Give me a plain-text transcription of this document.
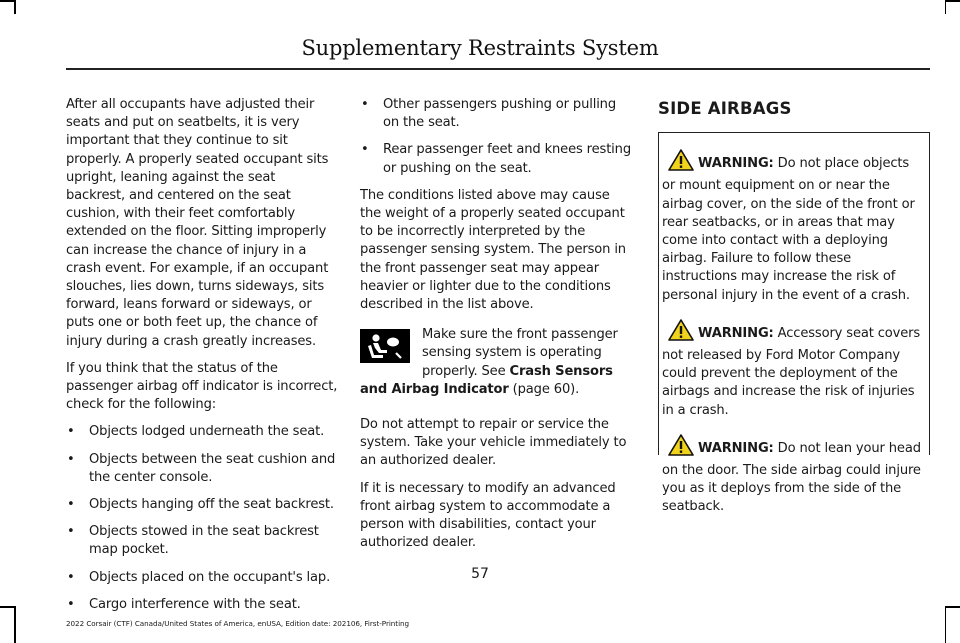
Supplementary Restraints System

After all occupants have adjusted their seats and put on seatbelts, it is very important that they continue to sit properly. A properly seated occupant sits upright, leaning against the seat backrest, and centered on the seat cushion, with their feet comfortably extended on the floor. Sitting improperly can increase the chance of injury in a crash event. For example, if an occupant slouches, lies down, turns sideways, sits forward, leans forward or sideways, or puts one or both feet up, the chance of injury during a crash greatly increases.

If you think that the status of the passenger airbag off indicator is incorrect, check for the following:

• Objects lodged underneath the seat.
• Objects between the seat cushion and the center console.
• Objects hanging off the seat backrest.
• Objects stowed in the seat backrest map pocket.
• Objects placed on the occupant's lap.
• Cargo interference with the seat.
• Other passengers pushing or pulling on the seat.
• Rear passenger feet and knees resting or pushing on the seat.

The conditions listed above may cause the weight of a properly seated occupant to be incorrectly interpreted by the passenger sensing system. The person in the front passenger seat may appear heavier or lighter due to the conditions described in the list above.

Make sure the front passenger sensing system is operating properly. See Crash Sensors and Airbag Indicator (page 60).

Do not attempt to repair or service the system. Take your vehicle immediately to an authorized dealer.

If it is necessary to modify an advanced front airbag system to accommodate a person with disabilities, contact your authorized dealer.

SIDE AIRBAGS
WARNING: Do not place objects or mount equipment on or near the airbag cover, on the side of the front or rear seatbacks, or in areas that may come into contact with a deploying airbag. Failure to follow these instructions may increase the risk of personal injury in the event of a crash.
WARNING: Accessory seat covers not released by Ford Motor Company could prevent the deployment of the airbags and increase the risk of injuries in a crash.
WARNING: Do not lean your head on the door. The side airbag could injure you as it deploys from the side of the seatback.
57
2022 Corsair (CTF) Canada/United States of America, enUSA, Edition date: 202106, First-Printing
